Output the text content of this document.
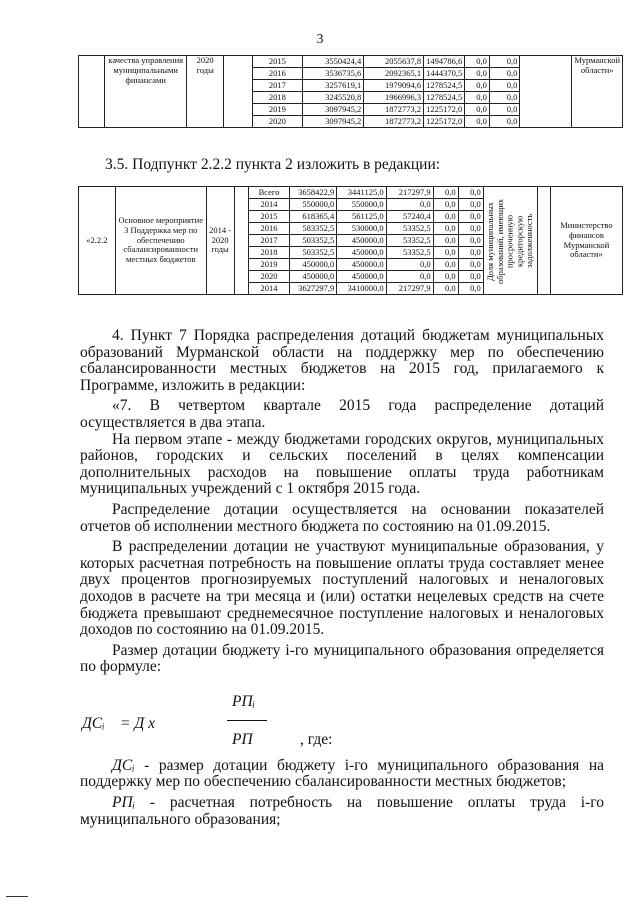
3
	качества управления муниципальными финансами	2020 годы		2015	3550424,4	2055637,8	1494786,6	0,0	0,0		Мурманской области»
				2016	3536735,6	2092365,1	1444370,5	0,0	0,0		
				2017	3257619,1	1979094,6	1278524,5	0,0	0,0		
				2018	3245520,8	1966996,3	1278524,5	0,0	0,0		
				2019	3097945,2	1872773,2	1225172,0	0,0	0,0		
				2020	3097945,2	1872773,2	1225172,0	0,0	0,0		
3.5. Подпункт 2.2.2 пункта 2 изложить в редакции:
«2.2.2	Основное мероприятие 3 Поддержка мер по обеспечению сбалансированности местных бюджетов	2014 - 2020 годы		Всего	3658422,9	3441125,0	217297,9	0,0	0,0	Доля муниципальных образований, имеющих просроченную кредиторскую задолженность		Министерство финансов Мурманской области»
				2014	550000,0	550000,0	0,0	0,0	0,0			
				2015	618365,4	561125,0	57240,4	0,0	0,0			
				2016	583352,5	530000,0	53352,5	0,0	0,0			
				2017	503352,5	450000,0	53352,5	0,0	0,0			
				2018	503352,5	450000,0	53352,5	0,0	0,0			
				2019	450000,0	450000,0	0,0	0,0	0,0			
				2020	450000,0	450000,0	0,0	0,0	0,0			
				2014	3627297,9	3410000,0	217297,9	0,0	0,0			

4. Пункт 7 Порядка распределения дотаций бюджетам муниципальных образований Мурманской области на поддержку мер по обеспечению сбалансированности местных бюджетов на 2015 год, прилагаемого к Программе, изложить в редакции:

«7. В четвертом квартале 2015 года распределение дотаций осуществляется в два этапа.

На первом этапе - между бюджетами городских округов, муниципальных районов, городских и сельских поселений в целях компенсации дополнительных расходов на повышение оплаты труда работникам муниципальных учреждений с 1 октября 2015 года.

Распределение дотации осуществляется на основании показателей отчетов об исполнении местного бюджета по состоянию на 01.09.2015.

В распределении дотации не участвуют муниципальные образования, у которых расчетная потребность на повышение оплаты труда составляет менее двух процентов прогнозируемых поступлений налоговых и неналоговых доходов в расчете на три месяца и (или) остатки нецелевых средств на счете бюджета превышают среднемесячное поступление налоговых и неналоговых доходов по состоянию на 01.09.2015.

Размер дотации бюджету i-го муниципального образования определяется по формуле:

ДСᵢ = Д х
РПᵢ
РП	, где:

ДСᵢ - размер дотации бюджету i-го муниципального образования на поддержку мер по обеспечению сбалансированности местных бюджетов;

РПᵢ - расчетная потребность на повышение оплаты труда i-го муниципального образования;
